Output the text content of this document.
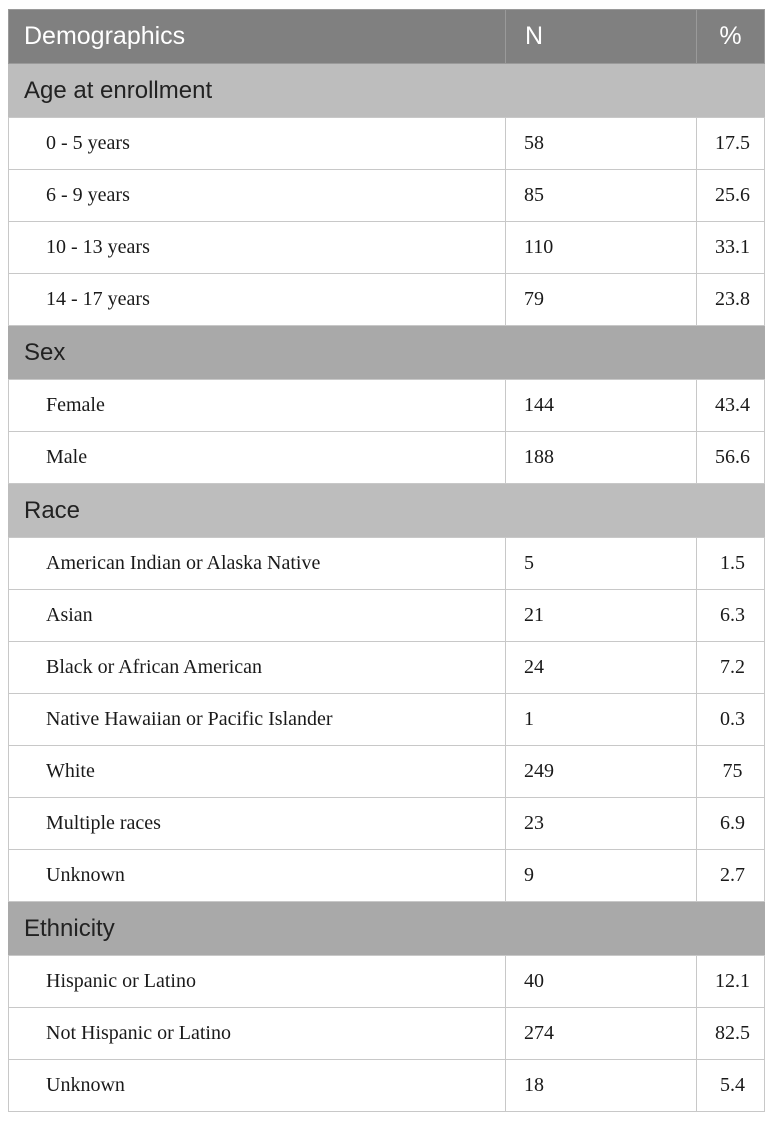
Demographics	N	%
Age at enrollment		
0 - 5 years	58	17.5
6 - 9 years	85	25.6
10 - 13 years	110	33.1
14 - 17 years	79	23.8
Sex		
Female	144	43.4
Male	188	56.6
Race		
American Indian or Alaska Native	5	1.5
Asian	21	6.3
Black or African American	24	7.2
Native Hawaiian or Pacific Islander	1	0.3
White	249	75
Multiple races	23	6.9
Unknown	9	2.7
Ethnicity		
Hispanic or Latino	40	12.1
Not Hispanic or Latino	274	82.5
Unknown	18	5.4
